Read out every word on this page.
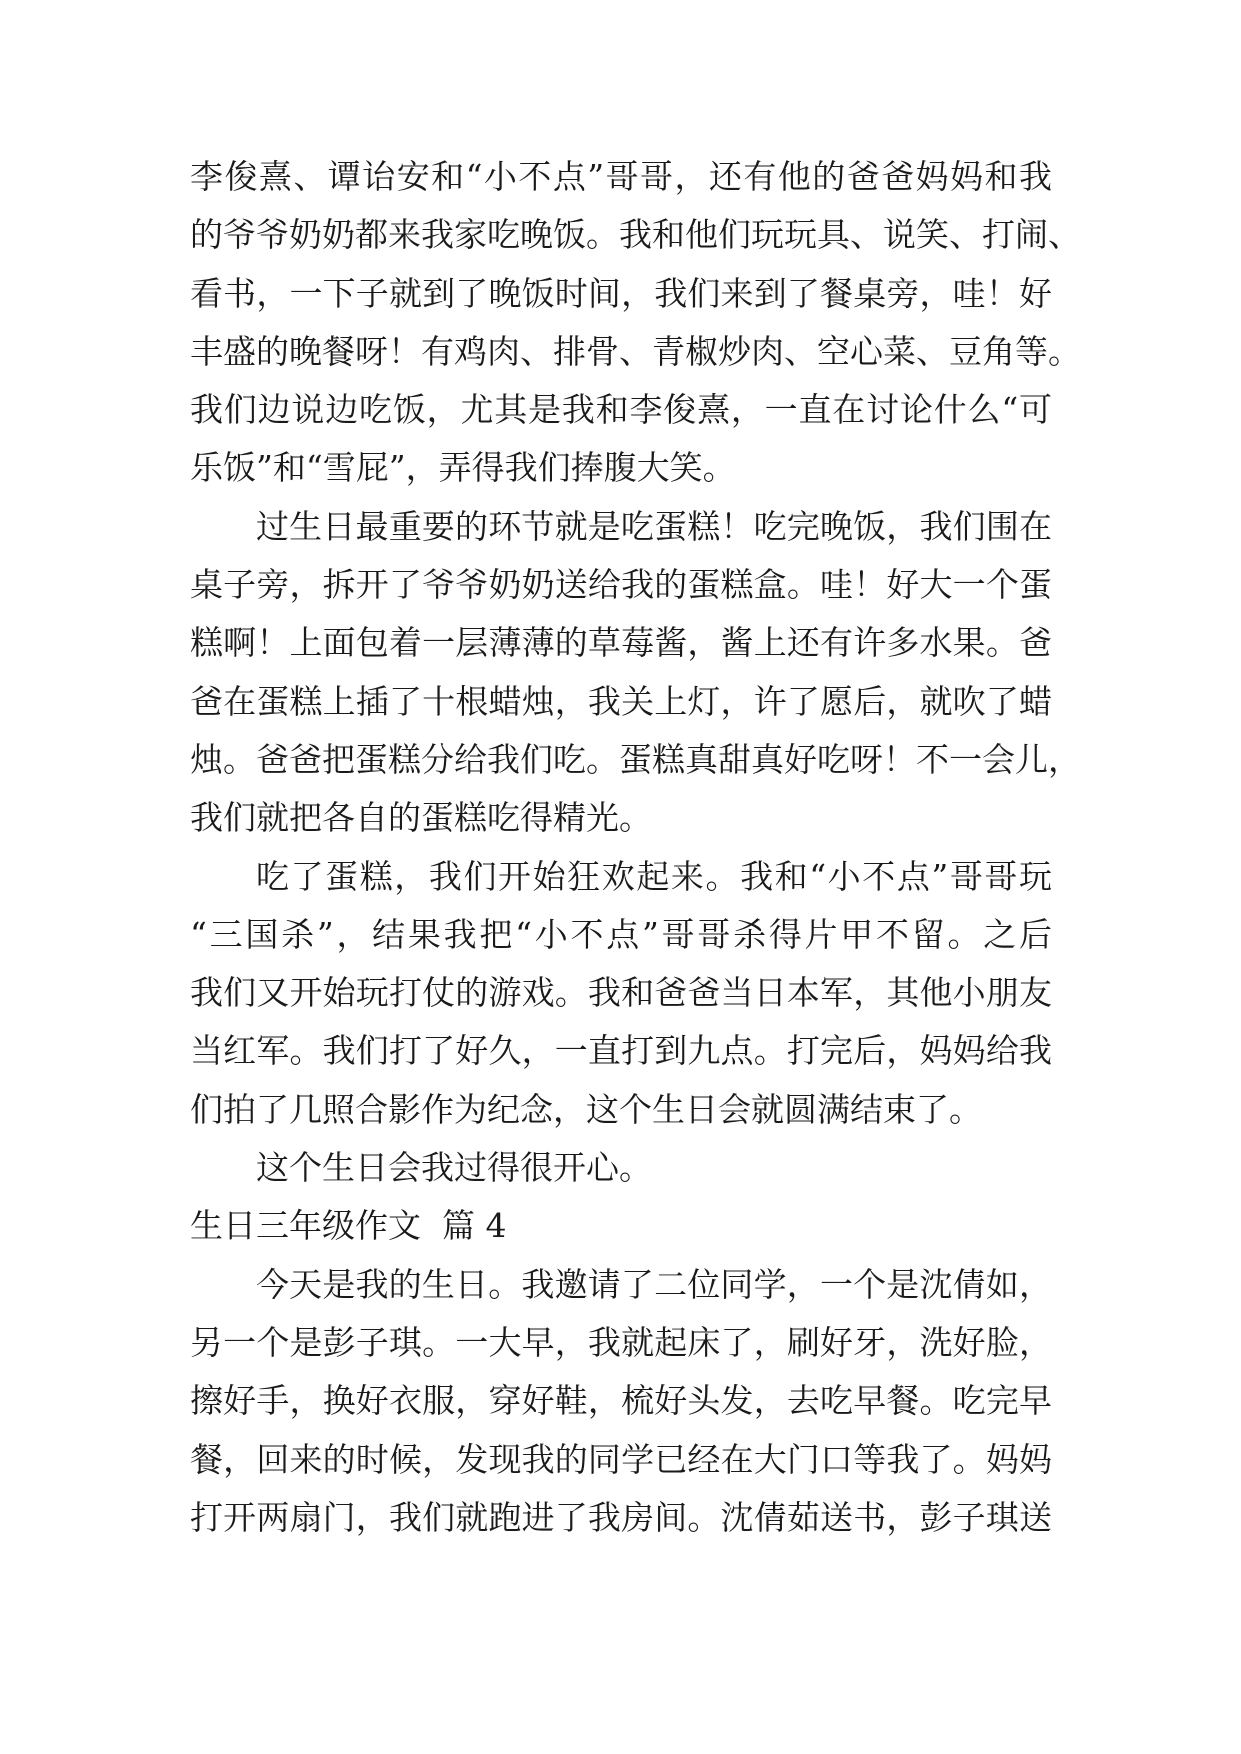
李俊熹、谭诒安和“小不点”哥哥，还有他的爸爸妈妈和我
的爷爷奶奶都来我家吃晚饭。我和他们玩玩具、说笑、打闹、
看书，一下子就到了晚饭时间，我们来到了餐桌旁，哇！好
丰盛的晚餐呀！有鸡肉、排骨、青椒炒肉、空心菜、豆角等。
我们边说边吃饭，尤其是我和李俊熹，一直在讨论什么“可
乐饭”和“雪屁”，弄得我们捧腹大笑。

过生日最重要的环节就是吃蛋糕！吃完晚饭，我们围在
桌子旁，拆开了爷爷奶奶送给我的蛋糕盒。哇！好大一个蛋
糕啊！上面包着一层薄薄的草莓酱，酱上还有许多水果。爸
爸在蛋糕上插了十根蜡烛，我关上灯，许了愿后，就吹了蜡
烛。爸爸把蛋糕分给我们吃。蛋糕真甜真好吃呀！不一会儿，
我们就把各自的蛋糕吃得精光。

吃了蛋糕，我们开始狂欢起来。我和“小不点”哥哥玩
“三国杀”，结果我把“小不点”哥哥杀得片甲不留。之后
我们又开始玩打仗的游戏。我和爸爸当日本军，其他小朋友
当红军。我们打了好久，一直打到九点。打完后，妈妈给我
们拍了几照合影作为纪念，这个生日会就圆满结束了。

这个生日会我过得很开心。

生日三年级作文  篇 4

今天是我的生日。我邀请了二位同学，一个是沈倩如，
另一个是彭子琪。一大早，我就起床了，刷好牙，洗好脸，
擦好手，换好衣服，穿好鞋，梳好头发，去吃早餐。吃完早
餐，回来的时候，发现我的同学已经在大门口等我了。妈妈
打开两扇门，我们就跑进了我房间。沈倩茹送书，彭子琪送
